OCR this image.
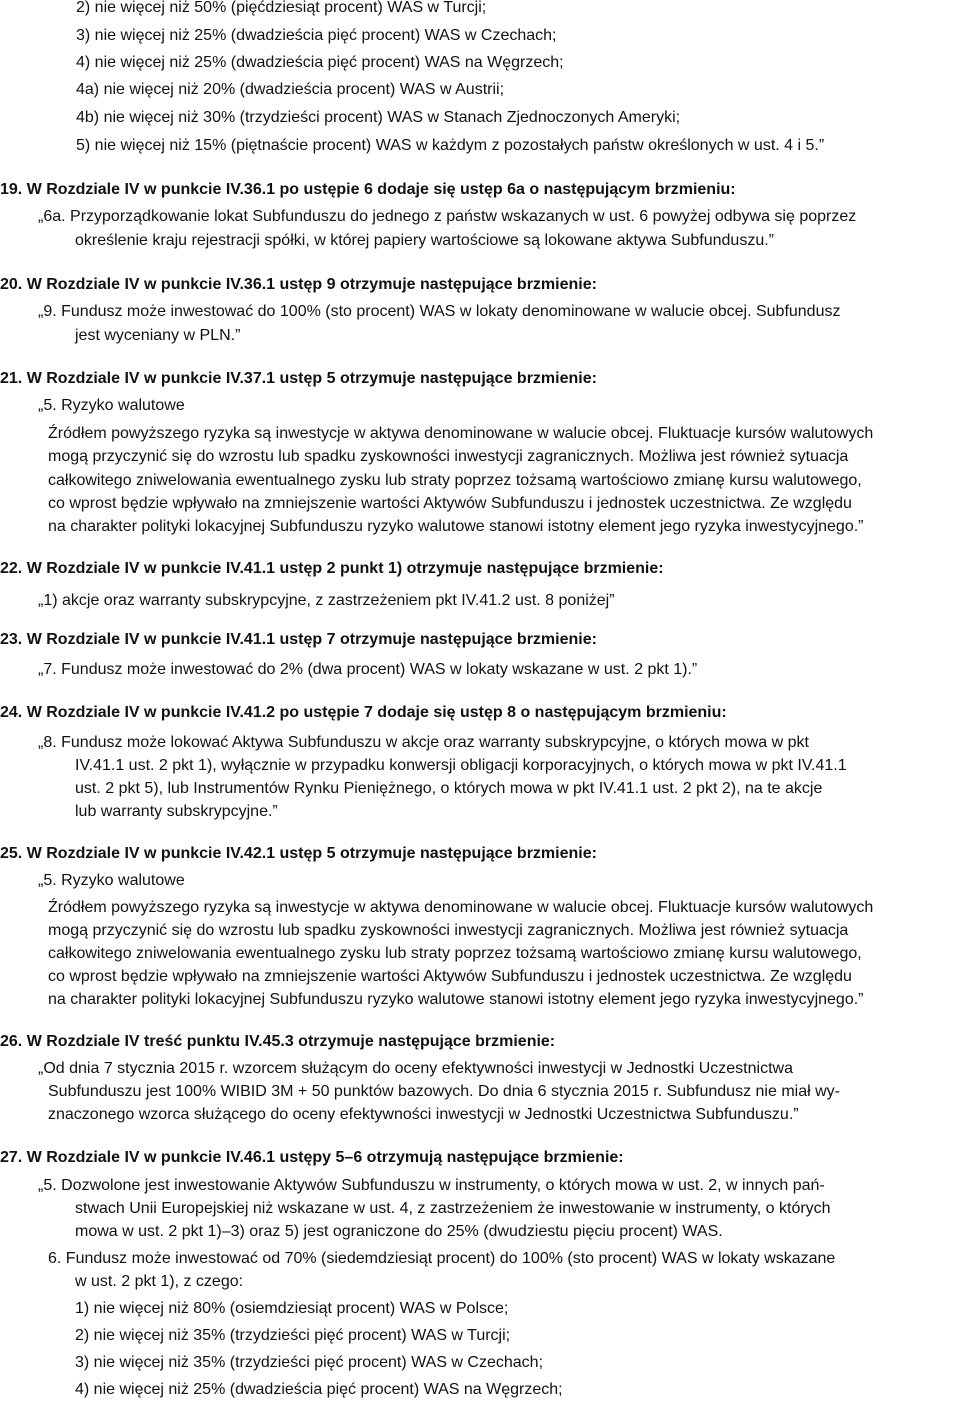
2) nie więcej niż 50% (pięćdziesiąt procent) WAS w Turcji;
3) nie więcej niż 25% (dwadzieścia pięć procent) WAS w Czechach;
4) nie więcej niż 25% (dwadzieścia pięć procent) WAS na Węgrzech;
4a) nie więcej niż 20% (dwadzieścia procent) WAS w Austrii;
4b) nie więcej niż 30% (trzydzieści procent) WAS w Stanach Zjednoczonych Ameryki;
5) nie więcej niż 15% (piętnaście procent) WAS w każdym z pozostałych państw określonych w ust. 4 i 5.”
19. W Rozdziale IV w punkcie IV.36.1 po ustępie 6 dodaje się ustęp 6a o następującym brzmieniu:
„6a. Przyporządkowanie lokat Subfunduszu do jednego z państw wskazanych w ust. 6 powyżej odbywa się poprzez
określenie kraju rejestracji spółki, w której papiery wartościowe są lokowane aktywa Subfunduszu.”
20. W Rozdziale IV w punkcie IV.36.1 ustęp 9 otrzymuje następujące brzmienie:
„9. Fundusz może inwestować do 100% (sto procent) WAS w lokaty denominowane w walucie obcej. Subfundusz
jest wyceniany w PLN.”
21. W Rozdziale IV w punkcie IV.37.1 ustęp 5 otrzymuje następujące brzmienie:
„5. Ryzyko walutowe
Źródłem powyższego ryzyka są inwestycje w aktywa denominowane w walucie obcej. Fluktuacje kursów walutowych
mogą przyczynić się do wzrostu lub spadku zyskowności inwestycji zagranicznych. Możliwa jest również sytuacja
całkowitego zniwelowania ewentualnego zysku lub straty poprzez tożsamą wartościowo zmianę kursu walutowego,
co wprost będzie wpływało na zmniejszenie wartości Aktywów Subfunduszu i jednostek uczestnictwa. Ze względu
na charakter polityki lokacyjnej Subfunduszu ryzyko walutowe stanowi istotny element jego ryzyka inwestycyjnego.”
22. W Rozdziale IV w punkcie IV.41.1 ustęp 2 punkt 1) otrzymuje następujące brzmienie:
„1) akcje oraz warranty subskrypcyjne, z zastrzeżeniem pkt IV.41.2 ust. 8 poniżej”
23. W Rozdziale IV w punkcie IV.41.1 ustęp 7 otrzymuje następujące brzmienie:
„7. Fundusz może inwestować do 2% (dwa procent) WAS w lokaty wskazane w ust. 2 pkt 1).”
24. W Rozdziale IV w punkcie IV.41.2 po ustępie 7 dodaje się ustęp 8 o następującym brzmieniu:
„8. Fundusz może lokować Aktywa Subfunduszu w akcje oraz warranty subskrypcyjne, o których mowa w pkt
IV.41.1 ust. 2 pkt 1), wyłącznie w przypadku konwersji obligacji korporacyjnych, o których mowa w pkt IV.41.1
ust. 2 pkt 5), lub Instrumentów Rynku Pieniężnego, o których mowa w pkt IV.41.1 ust. 2 pkt 2), na te akcje
lub warranty subskrypcyjne.”
25. W Rozdziale IV w punkcie IV.42.1 ustęp 5 otrzymuje następujące brzmienie:
„5. Ryzyko walutowe
Źródłem powyższego ryzyka są inwestycje w aktywa denominowane w walucie obcej. Fluktuacje kursów walutowych
mogą przyczynić się do wzrostu lub spadku zyskowności inwestycji zagranicznych. Możliwa jest również sytuacja
całkowitego zniwelowania ewentualnego zysku lub straty poprzez tożsamą wartościowo zmianę kursu walutowego,
co wprost będzie wpływało na zmniejszenie wartości Aktywów Subfunduszu i jednostek uczestnictwa. Ze względu
na charakter polityki lokacyjnej Subfunduszu ryzyko walutowe stanowi istotny element jego ryzyka inwestycyjnego.”
26. W Rozdziale IV treść punktu IV.45.3 otrzymuje następujące brzmienie:
„Od dnia 7 stycznia 2015 r. wzorcem służącym do oceny efektywności inwestycji w Jednostki Uczestnictwa
Subfunduszu jest 100% WIBID 3M + 50 punktów bazowych. Do dnia 6 stycznia 2015 r. Subfundusz nie miał wy-
znaczonego wzorca służącego do oceny efektywności inwestycji w Jednostki Uczestnictwa Subfunduszu.”
27. W Rozdziale IV w punkcie IV.46.1 ustępy 5–6 otrzymują następujące brzmienie:
„5. Dozwolone jest inwestowanie Aktywów Subfunduszu w instrumenty, o których mowa w ust. 2, w innych pań-
stwach Unii Europejskiej niż wskazane w ust. 4, z zastrzeżeniem że inwestowanie w instrumenty, o których
mowa w ust. 2 pkt 1)–3) oraz 5) jest ograniczone do 25% (dwudziestu pięciu procent) WAS.
6. Fundusz może inwestować od 70% (siedemdziesiąt procent) do 100% (sto procent) WAS w lokaty wskazane
w ust. 2 pkt 1), z czego:
1) nie więcej niż 80% (osiemdziesiąt procent) WAS w Polsce;
2) nie więcej niż 35% (trzydzieści pięć procent) WAS w Turcji;
3) nie więcej niż 35% (trzydzieści pięć procent) WAS w Czechach;
4) nie więcej niż 25% (dwadzieścia pięć procent) WAS na Węgrzech;
